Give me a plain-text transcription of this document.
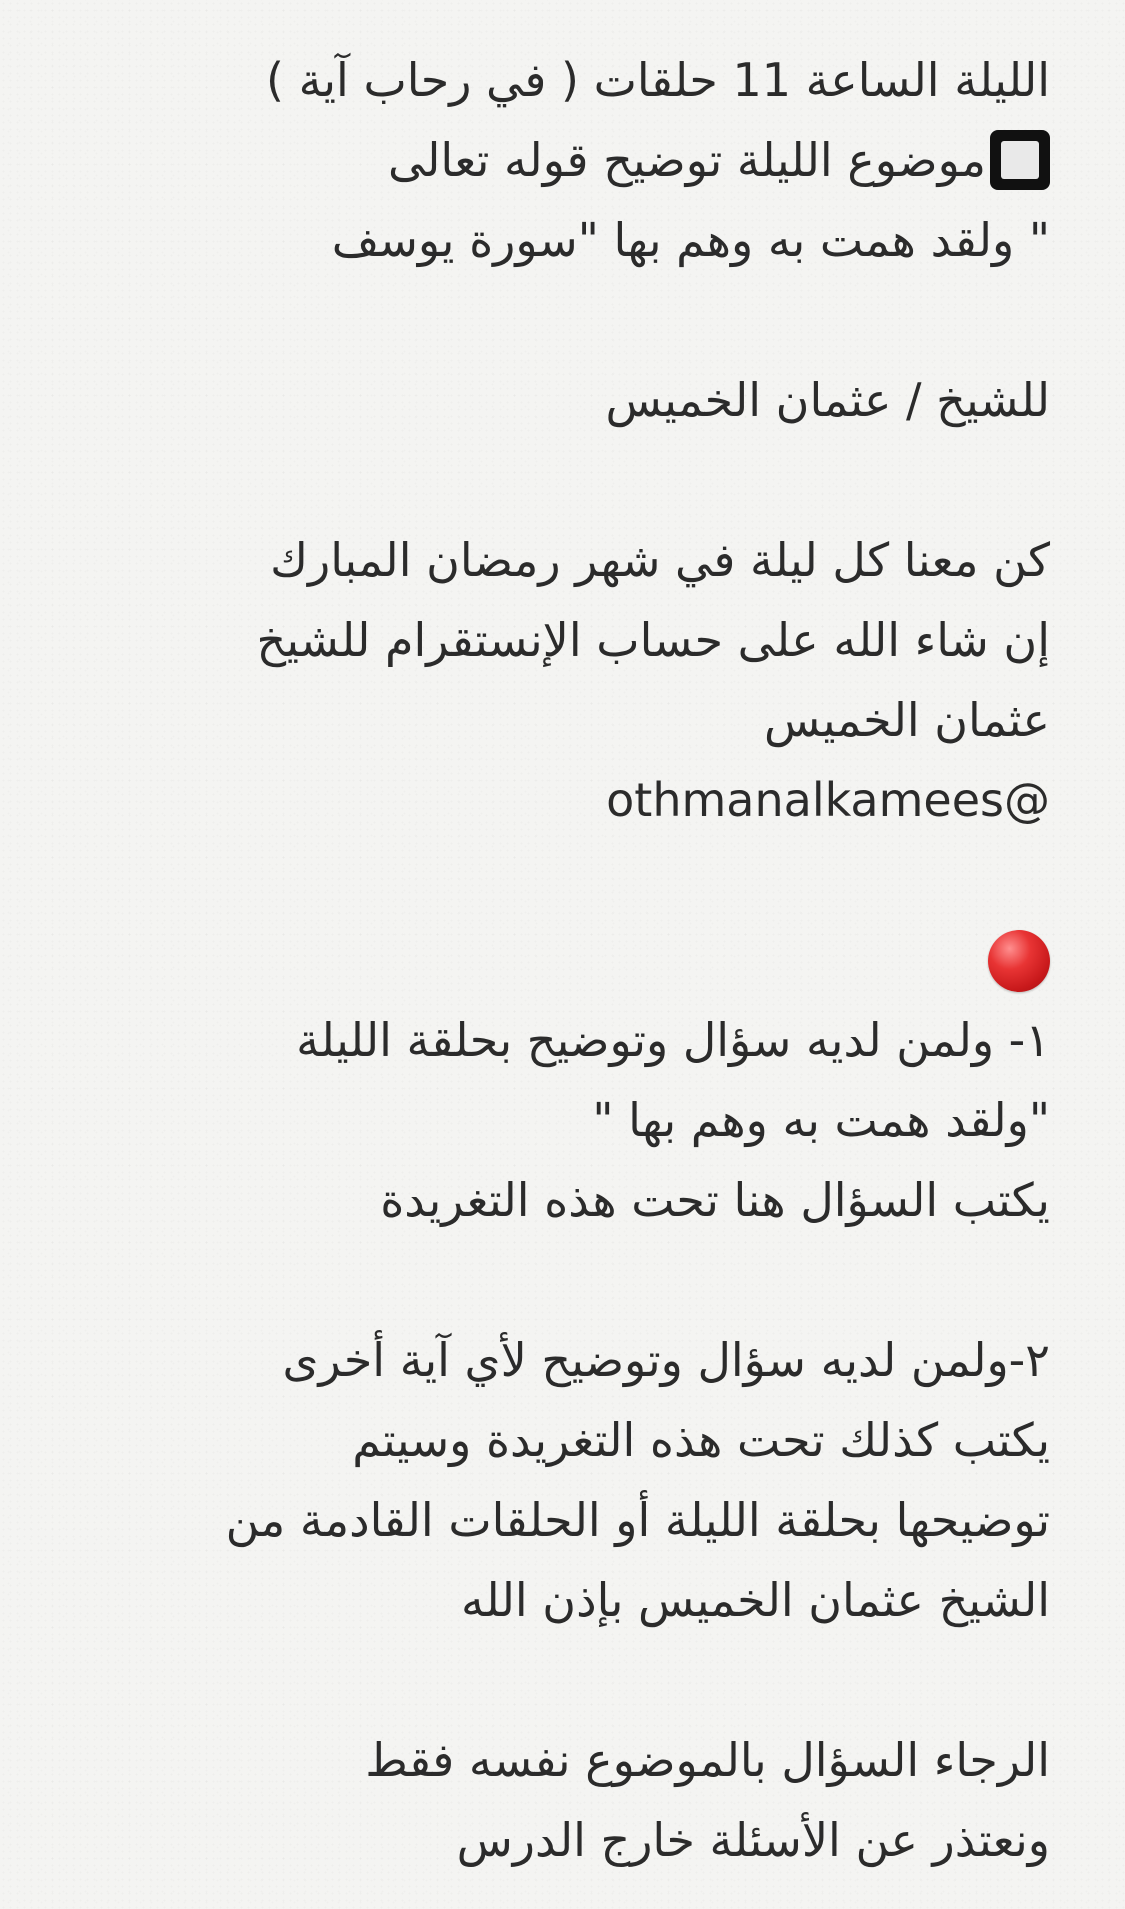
الليلة الساعة 11 حلقات ( في رحاب آية )
موضوع الليلة توضيح قوله تعالى
" ولقد همت به وهم بها "سورة يوسف
للشيخ / عثمان الخميس
كن معنا كل ليلة في شهر رمضان المبارك
إن شاء الله على حساب الإنستقرام للشيخ
عثمان الخميس
othmanalkamees@
١- ولمن لديه سؤال وتوضيح بحلقة الليلة
"ولقد همت به وهم بها "
يكتب السؤال هنا تحت هذه التغريدة
٢-ولمن لديه سؤال وتوضيح لأي آية أخرى
يكتب كذلك تحت هذه التغريدة وسيتم
توضيحها بحلقة الليلة أو الحلقات القادمة من
الشيخ عثمان الخميس بإذن الله
الرجاء السؤال بالموضوع نفسه فقط
ونعتذر عن الأسئلة خارج الدرس
